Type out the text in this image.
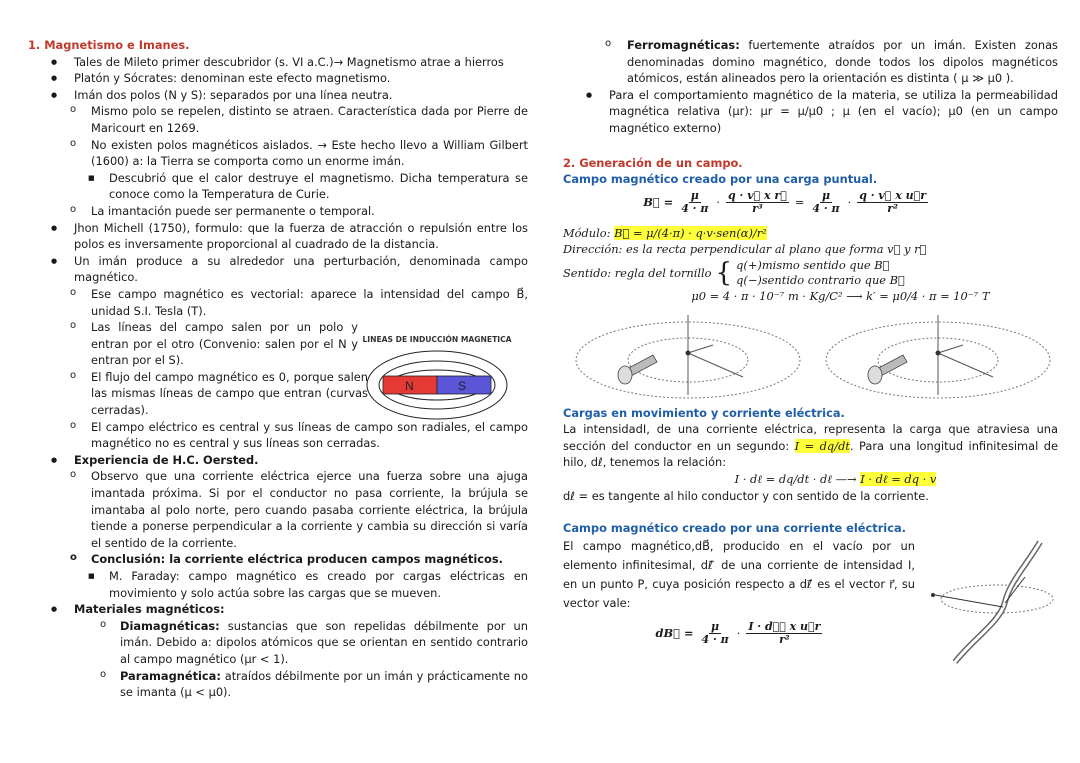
1. Magnetismo e Imanes.
● Tales de Mileto primer descubridor (s. VI a.C.)→ Magnetismo atrae a hierros
● Platón y Sócrates: denominan este efecto magnetismo.
● Imán dos polos (N y S): separados por una línea neutra.
o Mismo polo se repelen, distinto se atraen. Característica dada por Pierre de Maricourt en 1269.
o No existen polos magnéticos aislados. → Este hecho llevo a William Gilbert (1600) a: la Tierra se comporta como un enorme imán.
■ Descubrió que el calor destruye el magnetismo. Dicha temperatura se conoce como la Temperatura de Curie.
o La imantación puede ser permanente o temporal.
● Jhon Michell (1750), formulo: que la fuerza de atracción o repulsión entre los polos es inversamente proporcional al cuadrado de la distancia.
● Un imán produce a su alrededor una perturbación, denominada campo magnético.
o Ese campo magnético es vectorial: aparece la intensidad del campo B⃗, unidad S.I. Tesla (T).
o Las líneas del campo salen por un polo y entran por el otro (Convenio: salen por el N y entran por el S).
o El flujo del campo magnético es 0, porque salen las mismas líneas de campo que entran (curvas cerradas).
o El campo eléctrico es central y sus líneas de campo son radiales, el campo magnético no es central y sus líneas son cerradas.
● Experiencia de H.C. Oersted.
o Observo que una corriente eléctrica ejerce una fuerza sobre una ajuga imantada próxima. Si por el conductor no pasa corriente, la brújula se imantaba al polo norte, pero cuando pasaba corriente eléctrica, la brújula tiende a ponerse perpendicular a la corriente y cambia su dirección si varía el sentido de la corriente.
o Conclusión: la corriente eléctrica producen campos magnéticos.
■ M. Faraday: campo magnético es creado por cargas eléctricas en movimiento y solo actúa sobre las cargas que se mueven.
● Materiales magnéticos:
o Diamagnéticas: sustancias que son repelidas débilmente por un imán. Debido a: dipolos atómicos que se orientan en sentido contrario al campo magnético (μr < 1).
o Paramagnética: atraídos débilmente por un imán y prácticamente no se imanta (μ < μ0).
LINEAS DE INDUCCIÓN MAGNETICA
N	S
o Ferromagnéticas: fuertemente atraídos por un imán. Existen zonas denominadas domino magnético, donde todos los dipolos magnéticos atómicos, están alineados pero la orientación es distinta ( μ ≫ μ0 ).
● Para el comportamiento magnético de la materia, se utiliza la permeabilidad magnética relativa (μr): μr = μ/μ0 ; μ (en el vacío); μ0 (en un campo magnético externo)
2. Generación de un campo.
Campo magnético creado por una carga puntual.
B⃗ = $\frac{\mu}{4 \cdot \pi} \cdot \frac{\text{q · v⃗ x r⃗}}{\text{r³}} = \frac{\mu}{4 \cdot \pi} \cdot \frac{\text{q · v⃗ x u⃗r}}{\text{r²}}$
Módulo: B⃗ = μ/(4·π) · q·v·sen(α)/r²
Dirección: es la recta perpendicular al plano que forma v⃗ y r⃗
Sentido: regla del tornillo { q(+)mismo sentido que B⃗
q(−)sentido contrario que B⃗
μ0 = 4 · π · 10⁻⁷ m · Kg/C² ⟶ k′ = μ0/4 · π = 10⁻⁷ T
Cargas en movimiento y corriente eléctrica.
La intensidadI, de una corriente eléctrica, representa la carga que atraviesa una sección del conductor en un segundo: I = dq/dt. Para una longitud infinitesimal de hilo, dℓ, tenemos la relación:
I · dℓ = dq/dt · dℓ —→ I · dℓ = dq · v
dℓ = es tangente al hilo conductor y con sentido de la corriente.
Campo magnético creado por una corriente eléctrica.
El campo magnético,dB⃗, producido en el vacío por un elemento infinitesimal, dℓ⃗ de una corriente de intensidad I, en un punto P, cuya posición respecto a dℓ⃗ es el vector r⃗, su vector vale:
dB⃗ = $\frac{\mu}{4 \cdot \pi} \cdot \frac{\text{I · dℓ⃗ x u⃗r}}{\text{r²}}$
